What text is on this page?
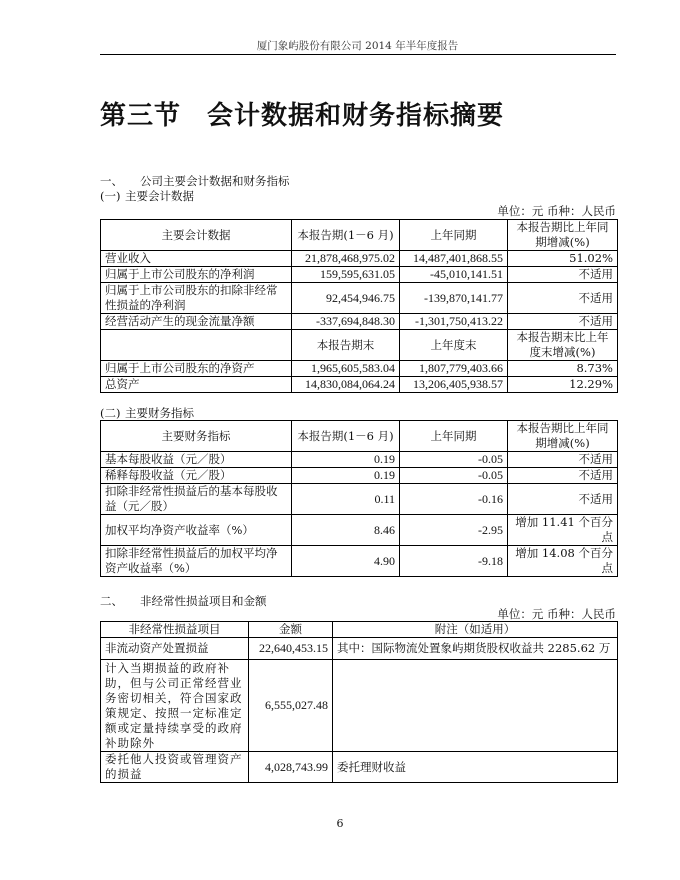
厦门象屿股份有限公司 2014 年半年度报告
第三节 会计数据和财务指标摘要
一、 公司主要会计数据和财务指标
(一) 主要会计数据
单位：元 币种：人民币
主要会计数据	本报告期(1－6 月)	上年同期	本报告期比上年同期增减(%)
营业收入	21,878,468,975.02	14,487,401,868.55	51.02%
归属于上市公司股东的净利润	159,595,631.05	-45,010,141.51	不适用
归属于上市公司股东的扣除非经常性损益的净利润	92,454,946.75	-139,870,141.77	不适用
经营活动产生的现金流量净额	-337,694,848.30	-1,301,750,413.22	不适用
	本报告期末	上年度末	本报告期末比上年度末增减(%)
归属于上市公司股东的净资产	1,965,605,583.04	1,807,779,403.66	8.73%
总资产	14,830,084,064.24	13,206,405,938.57	12.29%
(二) 主要财务指标
主要财务指标	本报告期(1－6 月)	上年同期	本报告期比上年同期增减(%)
基本每股收益（元／股）	0.19	-0.05	不适用
稀释每股收益（元／股）	0.19	-0.05	不适用
扣除非经常性损益后的基本每股收益（元／股）	0.11	-0.16	不适用
加权平均净资产收益率（%）	8.46	-2.95	增加 11.41 个百分点
扣除非经常性损益后的加权平均净资产收益率（%）	4.90	-9.18	增加 14.08 个百分点
二、 非经常性损益项目和金额
单位：元 币种：人民币
非经常性损益项目	金额	附注（如适用）
非流动资产处置损益	22,640,453.15	其中：国际物流处置象屿期货股权收益共 2285.62 万
计入当期损益的政府补助，但与公司正常经营业务密切相关，符合国家政策规定、按照一定标准定额或定量持续享受的政府补助除外	6,555,027.48	
委托他人投资或管理资产的损益	4,028,743.99	委托理财收益
6
